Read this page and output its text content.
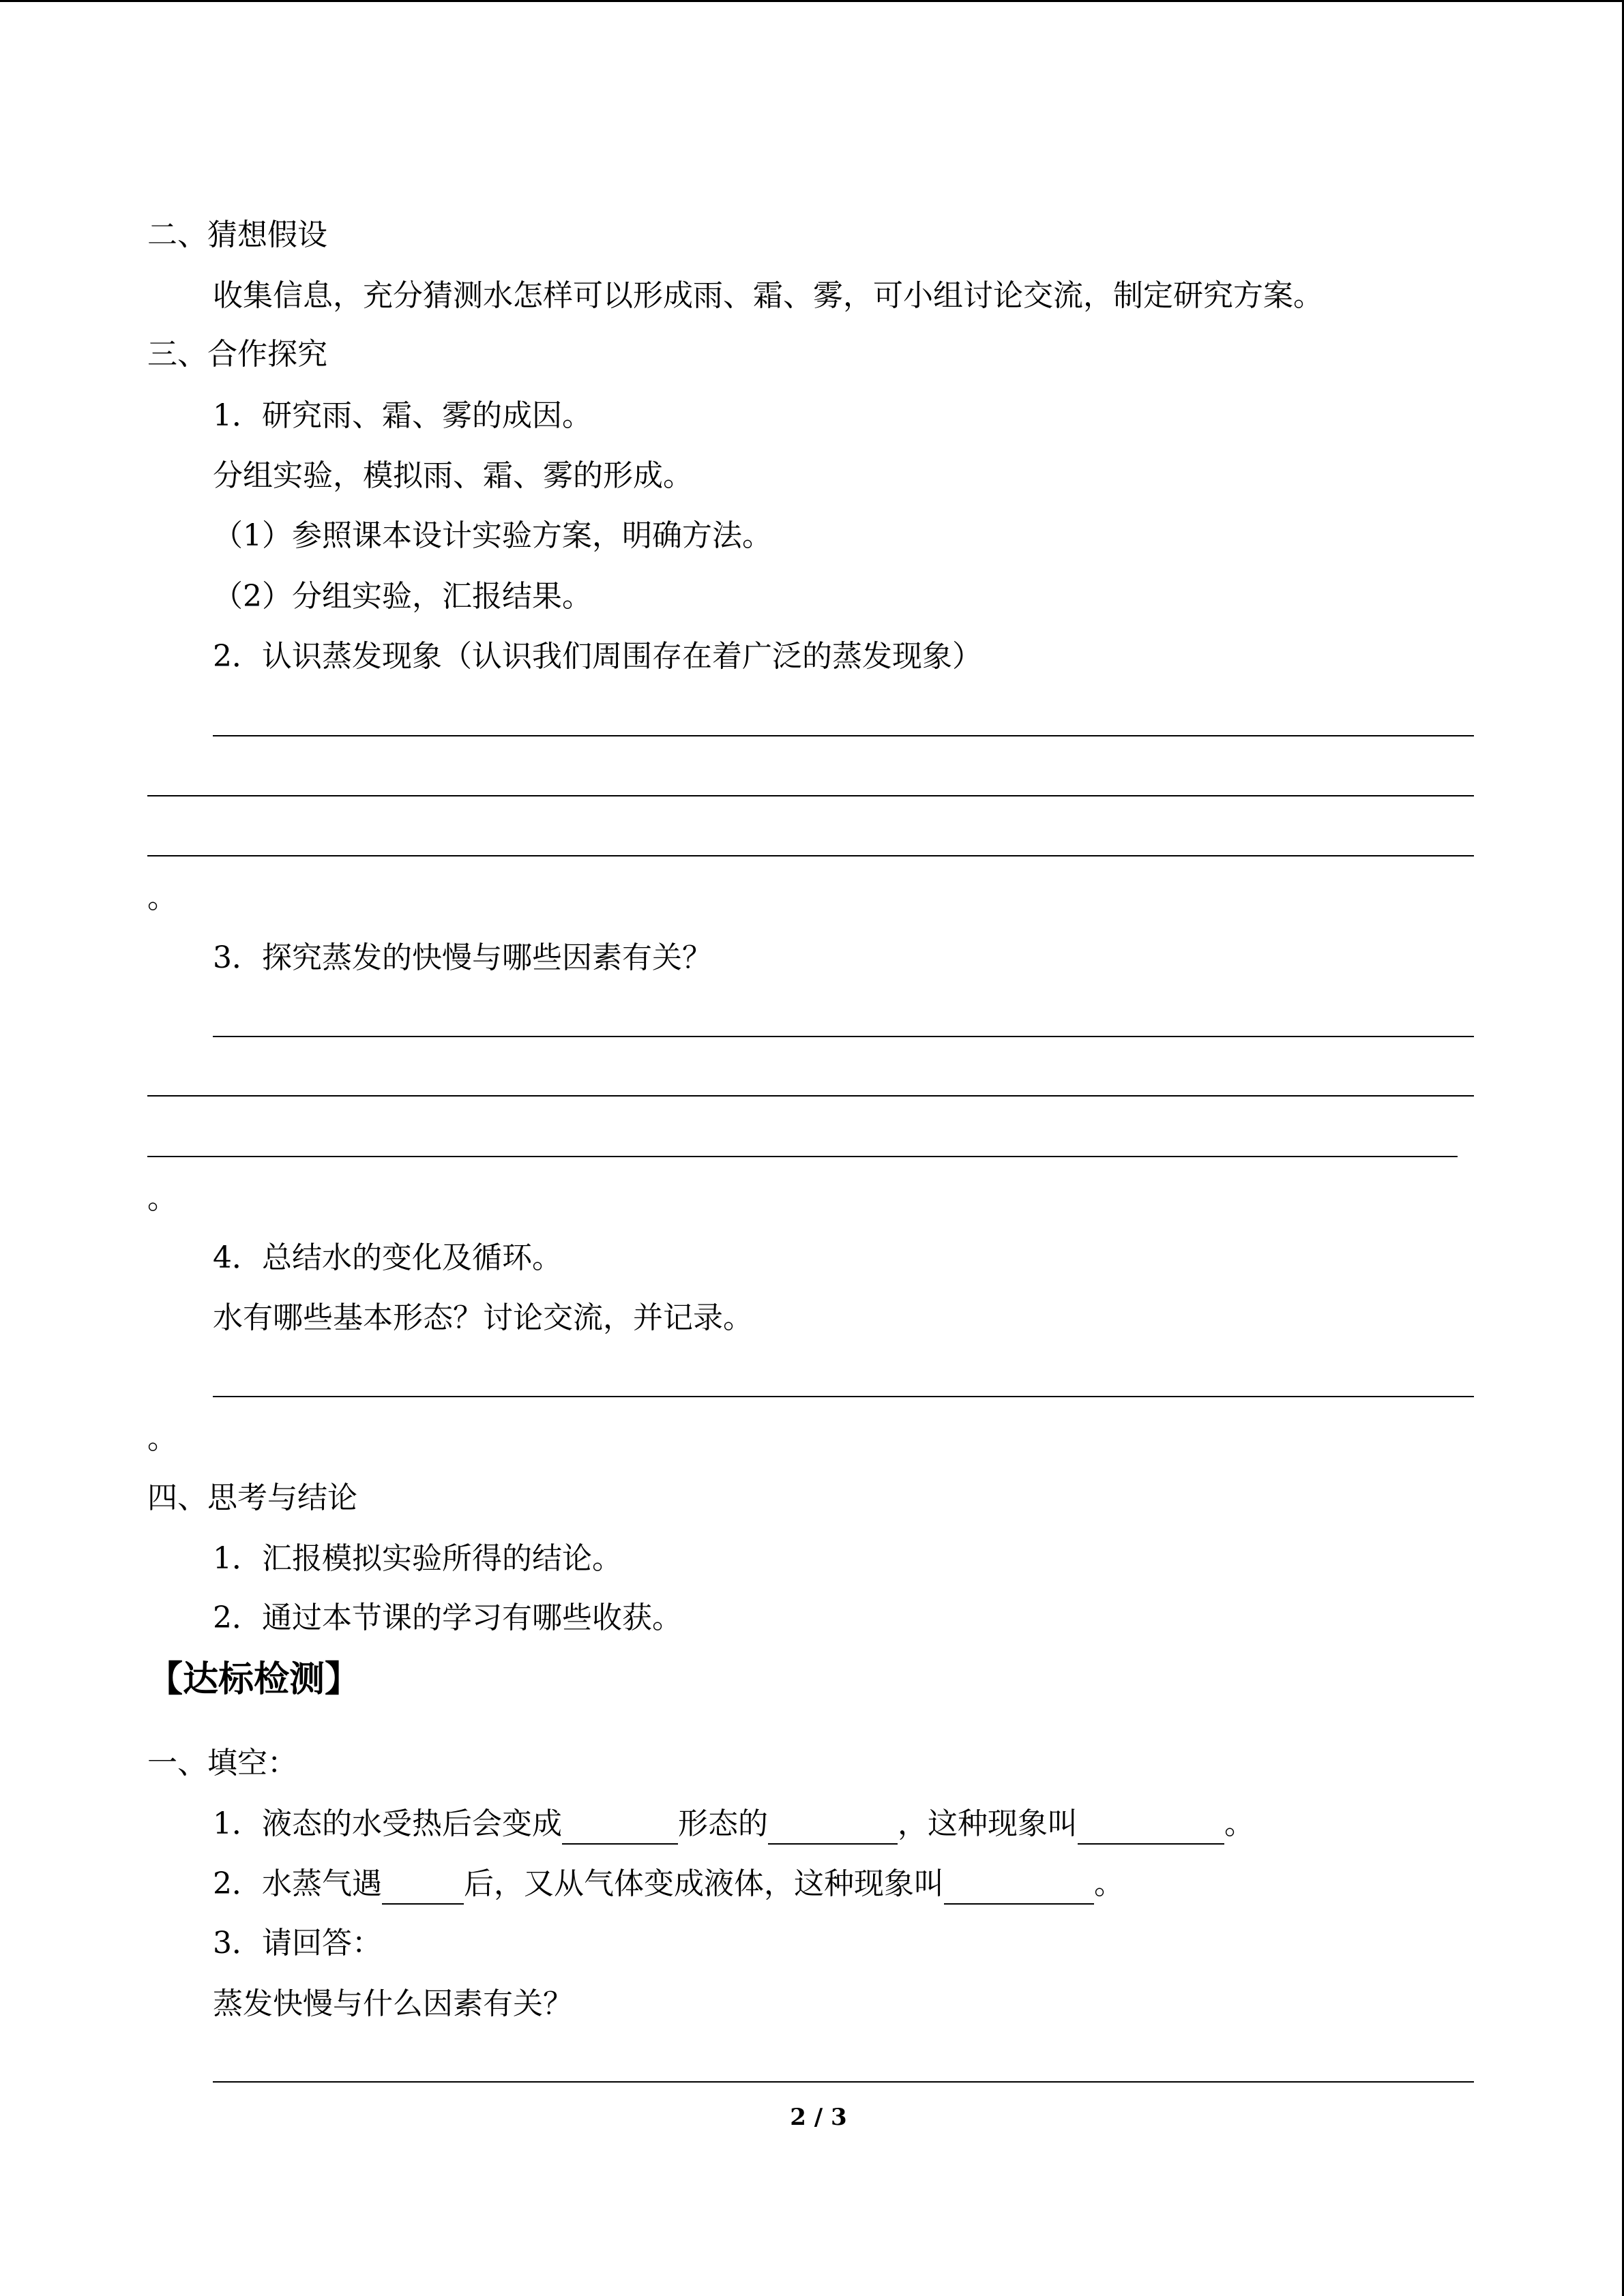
二、猜想假设
收集信息，充分猜测水怎样可以形成雨、霜、雾，可小组讨论交流，制定研究方案。
三、合作探究
1．研究雨、霜、雾的成因。
分组实验，模拟雨、霜、雾的形成。
（1）参照课本设计实验方案，明确方法。
（2）分组实验，汇报结果。
2．认识蒸发现象（认识我们周围存在着广泛的蒸发现象）
。
3．探究蒸发的快慢与哪些因素有关？
。
4．总结水的变化及循环。
水有哪些基本形态？讨论交流，并记录。
。
四、思考与结论
1．汇报模拟实验所得的结论。
2．通过本节课的学习有哪些收获。
【达标检测】
一、填空：
1．液态的水受热后会变成	形态的	，这种现象叫	。
2．水蒸气遇	后，又从气体变成液体，这种现象叫	。
3．请回答：
蒸发快慢与什么因素有关？
2 / 3
